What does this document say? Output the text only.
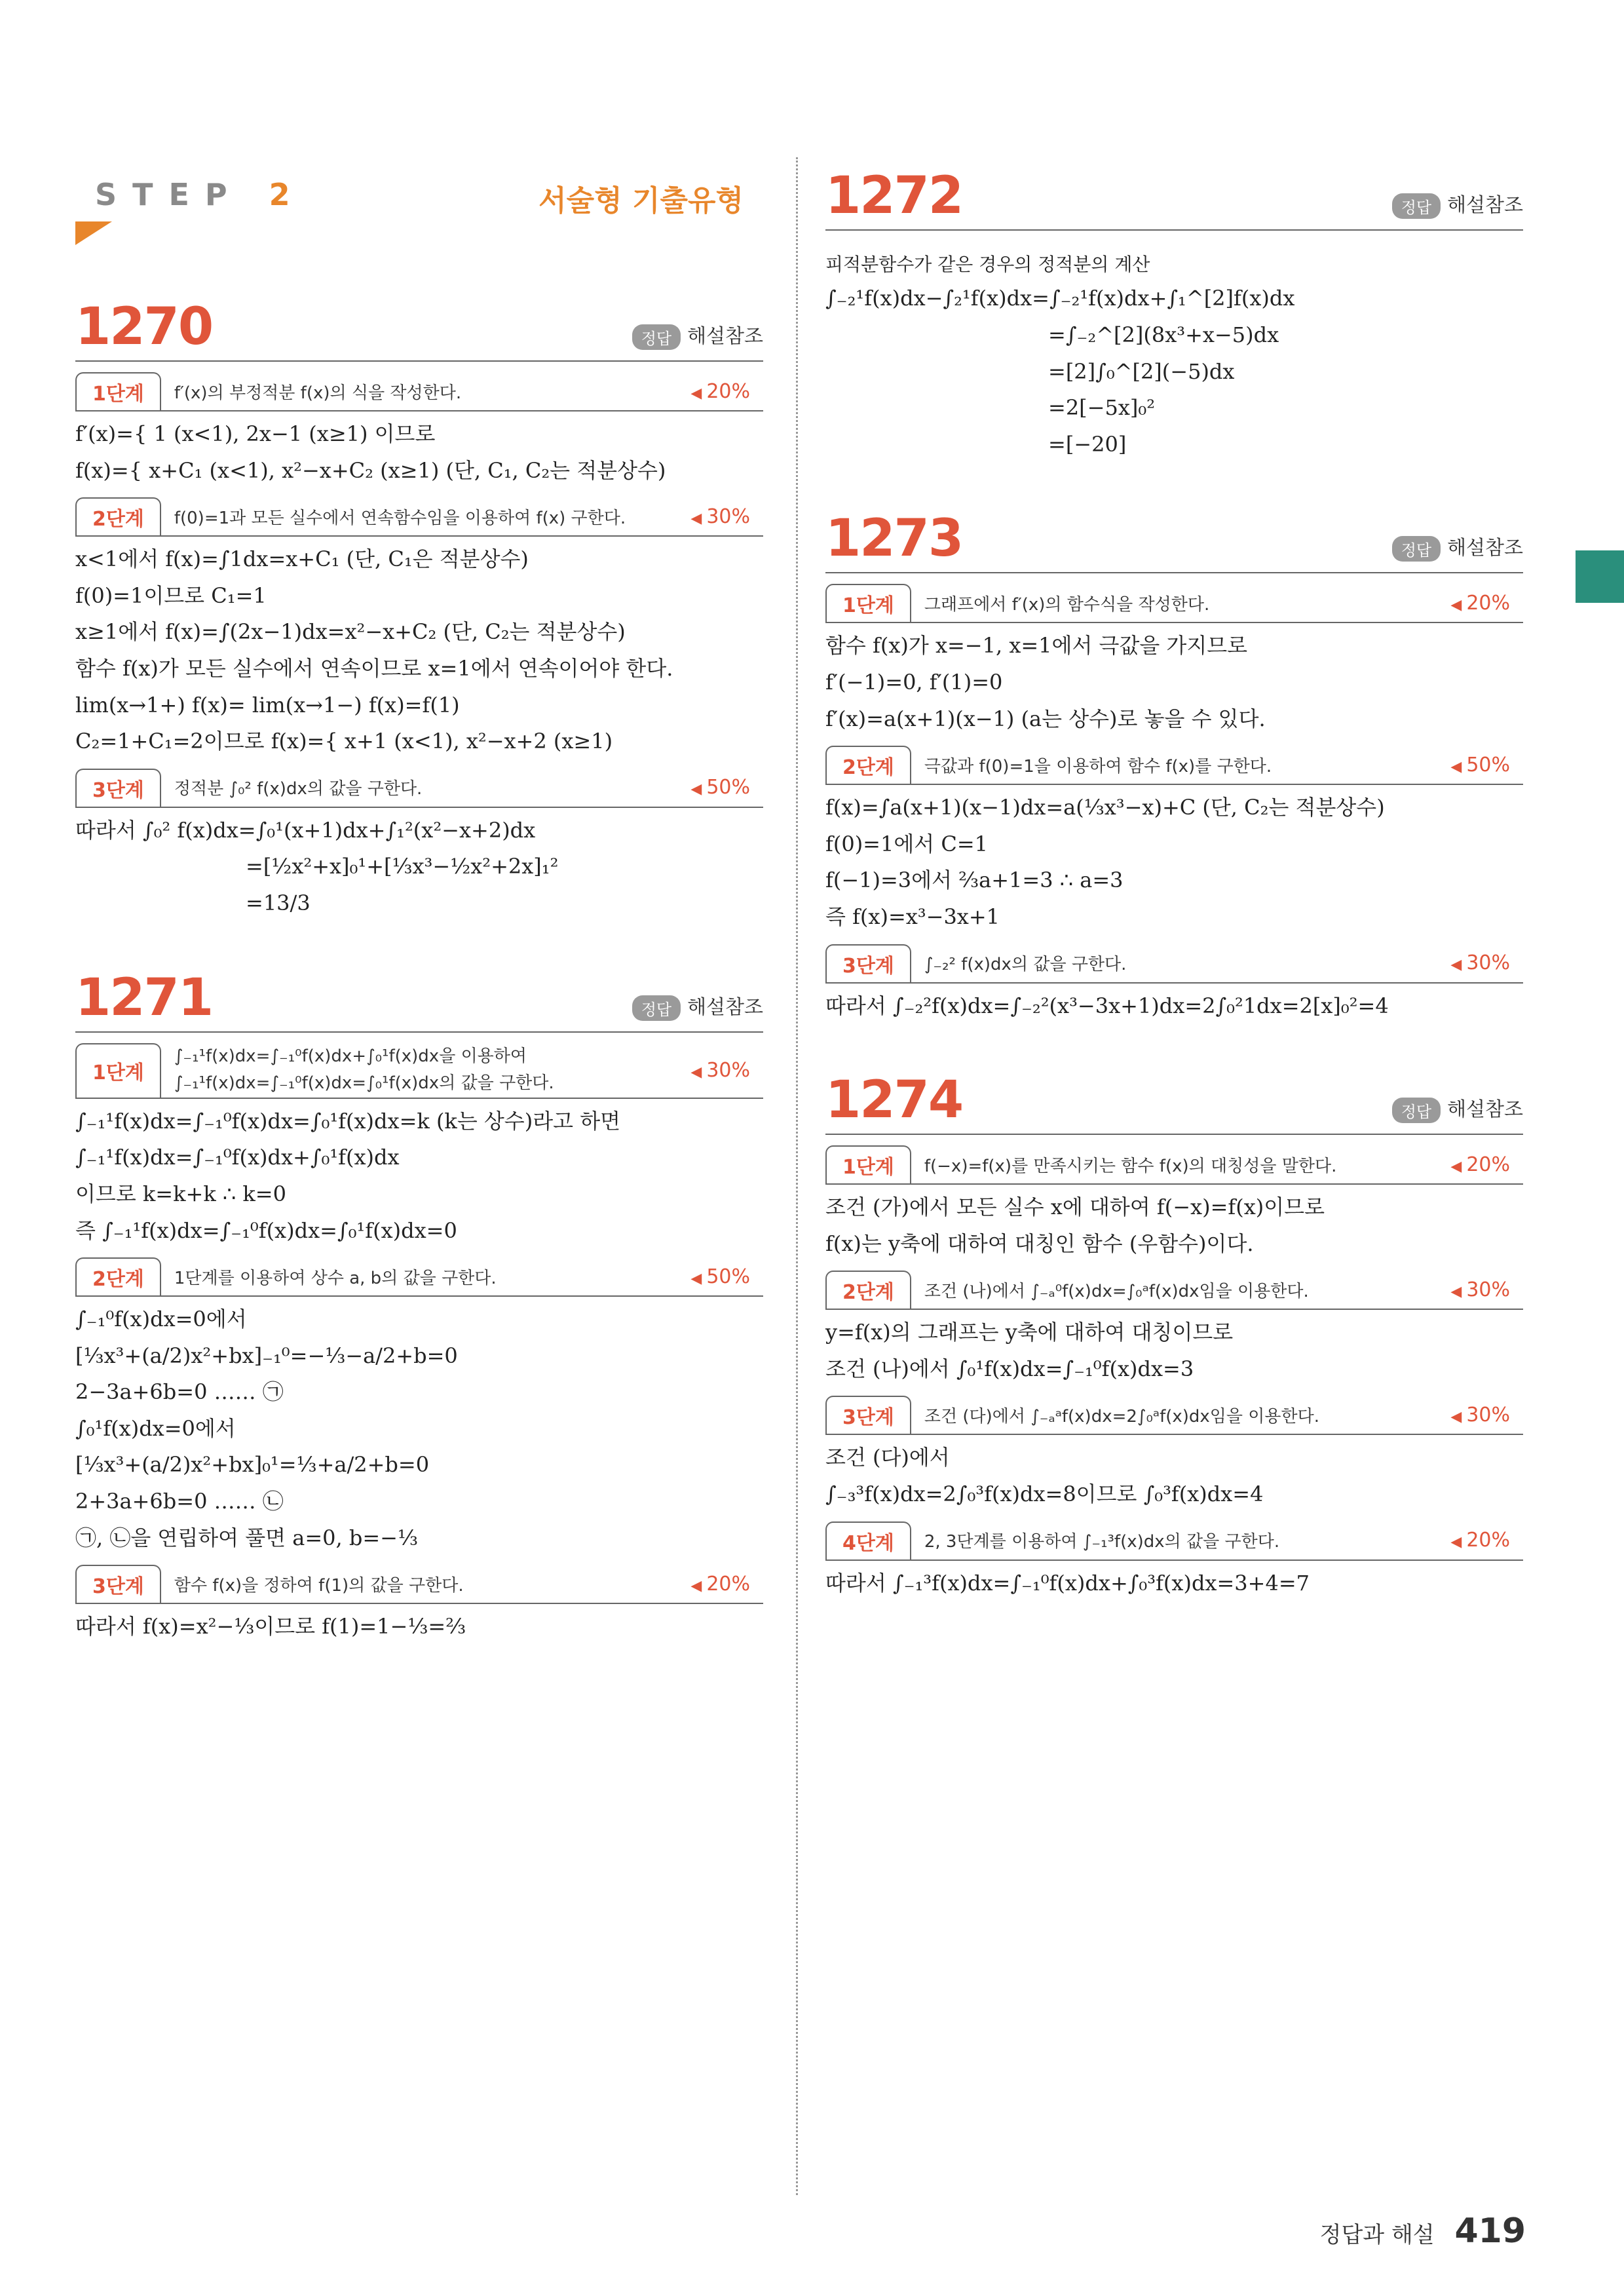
STEP 2	서술형 기출유형
1270	정답 해설참조
1단계	f′(x)의 부정적분 f(x)의 식을 작성한다.	◀ 20%
f′(x)={ 1 (x<1), 2x−1 (x≥1) 이므로
f(x)={ x+C₁ (x<1), x²−x+C₂ (x≥1) (단, C₁, C₂는 적분상수)
2단계	f(0)=1과 모든 실수에서 연속함수임을 이용하여 f(x) 구한다.	◀ 30%
x<1에서 f(x)=∫1dx=x+C₁ (단, C₁은 적분상수)
f(0)=1이므로 C₁=1
x≥1에서 f(x)=∫(2x−1)dx=x²−x+C₂ (단, C₂는 적분상수)
함수 f(x)가 모든 실수에서 연속이므로 x=1에서 연속이어야 한다.
lim(x→1+) f(x)= lim(x→1−) f(x)=f(1)
C₂=1+C₁=2이므로 f(x)={ x+1 (x<1), x²−x+2 (x≥1)
3단계	정적분 ∫₀² f(x)dx의 값을 구한다.	◀ 50%
따라서 ∫₀² f(x)dx=∫₀¹(x+1)dx+∫₁²(x²−x+2)dx
=[½x²+x]₀¹+[⅓x³−½x²+2x]₁²
=13/3
1271	정답 해설참조
1단계
∫₋₁¹f(x)dx=∫₋₁⁰f(x)dx+∫₀¹f(x)dx을 이용하여 ∫₋₁¹f(x)dx=∫₋₁⁰f(x)dx=∫₀¹f(x)dx의 값을 구한다.
◀ 30%
∫₋₁¹f(x)dx=∫₋₁⁰f(x)dx=∫₀¹f(x)dx=k (k는 상수)라고 하면
∫₋₁¹f(x)dx=∫₋₁⁰f(x)dx+∫₀¹f(x)dx
이므로 k=k+k ∴ k=0
즉 ∫₋₁¹f(x)dx=∫₋₁⁰f(x)dx=∫₀¹f(x)dx=0
2단계	1단계를 이용하여 상수 a, b의 값을 구한다.	◀ 50%
∫₋₁⁰f(x)dx=0에서
[⅓x³+(a/2)x²+bx]₋₁⁰=−⅓−a/2+b=0
2−3a+6b=0 …… ㉠
∫₀¹f(x)dx=0에서
[⅓x³+(a/2)x²+bx]₀¹=⅓+a/2+b=0
2+3a+6b=0 …… ㉡
㉠, ㉡을 연립하여 풀면 a=0, b=−⅓
3단계	함수 f(x)을 정하여 f(1)의 값을 구한다.	◀ 20%
따라서 f(x)=x²−⅓이므로 f(1)=1−⅓=⅔
1272	정답 해설참조
피적분함수가 같은 경우의 정적분의 계산
∫₋₂¹f(x)dx−∫₂¹f(x)dx=∫₋₂¹f(x)dx+∫₁^[2]f(x)dx
=∫₋₂^[2](8x³+x−5)dx
=[2]∫₀^[2](−5)dx
=2[−5x]₀²
=[−20]
1273	정답 해설참조
1단계	그래프에서 f′(x)의 함수식을 작성한다.	◀ 20%
함수 f(x)가 x=−1, x=1에서 극값을 가지므로
f′(−1)=0, f′(1)=0
f′(x)=a(x+1)(x−1) (a는 상수)로 놓을 수 있다.
2단계	극값과 f(0)=1을 이용하여 함수 f(x)를 구한다.	◀ 50%
f(x)=∫a(x+1)(x−1)dx=a(⅓x³−x)+C (단, C₂는 적분상수)
f(0)=1에서 C=1
f(−1)=3에서 ⅔a+1=3 ∴ a=3
즉 f(x)=x³−3x+1
3단계	∫₋₂² f(x)dx의 값을 구한다.	◀ 30%
따라서 ∫₋₂²f(x)dx=∫₋₂²(x³−3x+1)dx=2∫₀²1dx=2[x]₀²=4
1274	정답 해설참조
1단계	f(−x)=f(x)를 만족시키는 함수 f(x)의 대칭성을 말한다.	◀ 20%
조건 (가)에서 모든 실수 x에 대하여 f(−x)=f(x)이므로
f(x)는 y축에 대하여 대칭인 함수 (우함수)이다.
2단계	조건 (나)에서 ∫₋ₐ⁰f(x)dx=∫₀ᵃf(x)dx임을 이용한다.	◀ 30%
y=f(x)의 그래프는 y축에 대하여 대칭이므로
조건 (나)에서 ∫₀¹f(x)dx=∫₋₁⁰f(x)dx=3
3단계	조건 (다)에서 ∫₋ₐᵃf(x)dx=2∫₀ᵃf(x)dx임을 이용한다.	◀ 30%
조건 (다)에서
∫₋₃³f(x)dx=2∫₀³f(x)dx=8이므로 ∫₀³f(x)dx=4
4단계	2, 3단계를 이용하여 ∫₋₁³f(x)dx의 값을 구한다.	◀ 20%
따라서 ∫₋₁³f(x)dx=∫₋₁⁰f(x)dx+∫₀³f(x)dx=3+4=7
정답과 해설 419
